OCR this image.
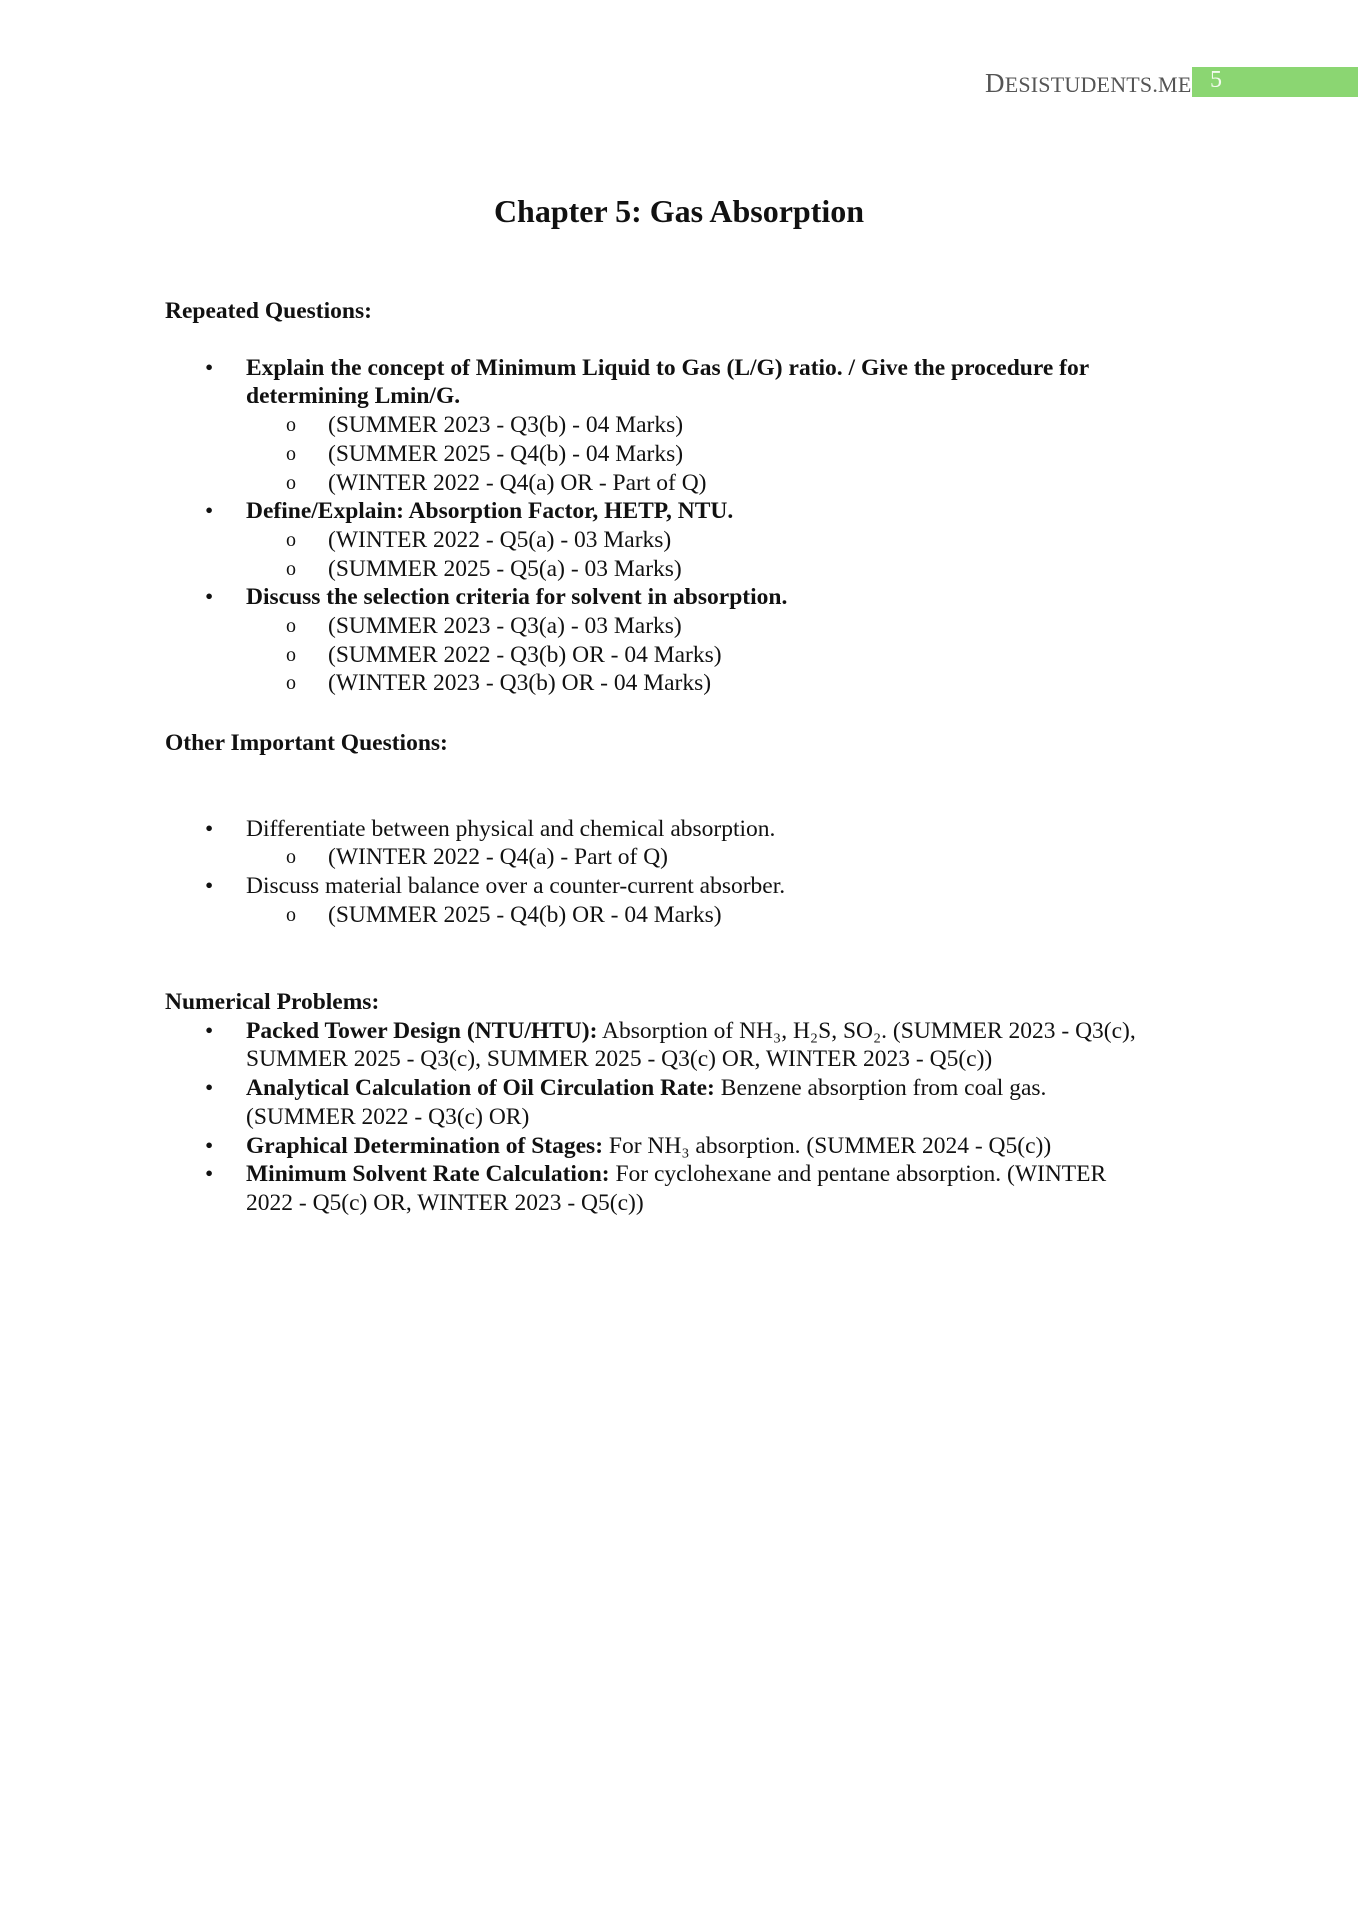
DESISTUDENTS.ME 5
Chapter 5: Gas Absorption
Repeated Questions:
• Explain the concept of Minimum Liquid to Gas (L/G) ratio. / Give the procedure for determining Lmin/G.
o (SUMMER 2023 - Q3(b) - 04 Marks)
o (SUMMER 2025 - Q4(b) - 04 Marks)
o (WINTER 2022 - Q4(a) OR - Part of Q)
• Define/Explain: Absorption Factor, HETP, NTU.
o (WINTER 2022 - Q5(a) - 03 Marks)
o (SUMMER 2025 - Q5(a) - 03 Marks)
• Discuss the selection criteria for solvent in absorption.
o (SUMMER 2023 - Q3(a) - 03 Marks)
o (SUMMER 2022 - Q3(b) OR - 04 Marks)
o (WINTER 2023 - Q3(b) OR - 04 Marks)
Other Important Questions:
• Differentiate between physical and chemical absorption.
o (WINTER 2022 - Q4(a) - Part of Q)
• Discuss material balance over a counter-current absorber.
o (SUMMER 2025 - Q4(b) OR - 04 Marks)
Numerical Problems:
• Packed Tower Design (NTU/HTU): Absorption of NH₃, H₂S, SO₂. (SUMMER 2023 - Q3(c), SUMMER 2025 - Q3(c), SUMMER 2025 - Q3(c) OR, WINTER 2023 - Q5(c))
• Analytical Calculation of Oil Circulation Rate: Benzene absorption from coal gas. (SUMMER 2022 - Q3(c) OR)
• Graphical Determination of Stages: For NH₃ absorption. (SUMMER 2024 - Q5(c))
• Minimum Solvent Rate Calculation: For cyclohexane and pentane absorption. (WINTER 2022 - Q5(c) OR, WINTER 2023 - Q5(c))
